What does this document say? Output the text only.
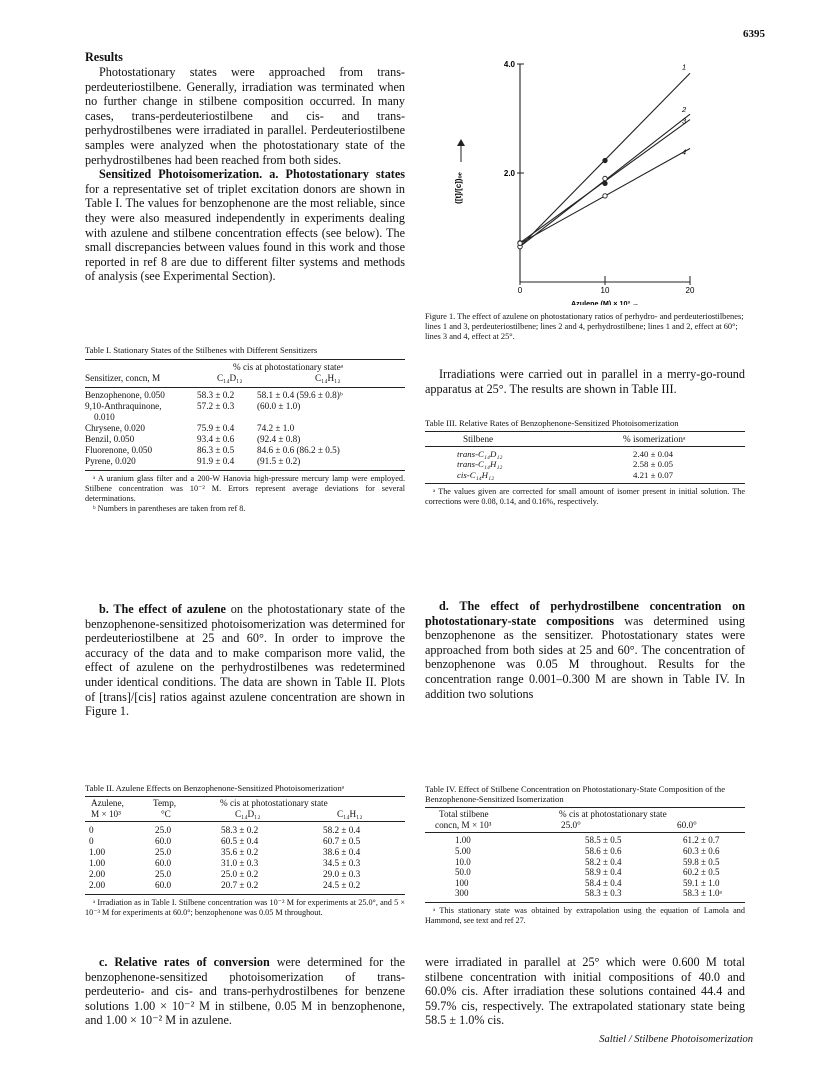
6395

Results

Photostationary states were approached from trans-perdeuteriostilbene. Generally, irradiation was terminated when no further change in stilbene composition occurred. In many cases, trans-perdeuteriostilbene and cis- and trans-perhydrostilbenes were irradiated in parallel. Perdeuteriostilbene samples were analyzed when the photostationary state of the perhydrostilbenes had been reached from both sides.

Sensitized Photoisomerization. a. Photostationary states for a representative set of triplet excitation donors are shown in Table I. The values for benzophenone are the most reliable, since they were also measured independently in experiments dealing with azulene and stilbene concentration effects (see below). The small discrepancies between values found in this work and those reported in ref 8 are due to different filter systems and methods of analysis (see Experimental Section).

Table I. Stationary States of the Stilbenes with Different Sensitizers

% cis at photostationary stateᵃ
Sensitizer, concn, M	C₁₄D₁₂	C₁₄H₁₂
Benzophenone, 0.050	58.3 ± 0.2	58.1 ± 0.4 (59.6 ± 0.8)ᵇ
9,10-Anthraquinone,	57.2 ± 0.3	(60.0 ± 1.0)
0.010
Chrysene, 0.020	75.9 ± 0.4	74.2 ± 1.0
Benzil, 0.050	93.4 ± 0.6	(92.4 ± 0.8)
Fluorenone, 0.050	86.3 ± 0.5	84.6 ± 0.6 (86.2 ± 0.5)
Pyrene, 0.020	91.9 ± 0.4	(91.5 ± 0.2)

ᵃ A uranium glass filter and a 200-W Hanovia high-pressure mercury lamp were employed. Stilbene concentration was 10⁻² M. Errors represent average deviations for several determinations.

ᵇ Numbers in parentheses are taken from ref 8.

b. The effect of azulene on the photostationary state of the benzophenone-sensitized photoisomerization was determined for perdeuteriostilbene at 25 and 60°. In order to improve the accuracy of the data and to make comparison more valid, the effect of azulene on the perhydrostilbenes was redetermined under identical conditions. The data are shown in Table II. Plots of [trans]/[cis] ratios against azulene concentration are shown in Figure 1.

Table II. Azulene Effects on Benzophenone-Sensitized Photoisomerizationᵃ

Azulene,	Temp,	% cis at photostationary state
M × 10³	°C	C₁₄D₁₂	C₁₄H₁₂
0	25.0	58.3 ± 0.2	58.2 ± 0.4
0	60.0	60.5 ± 0.4	60.7 ± 0.5
1.00	25.0	35.6 ± 0.2	38.6 ± 0.4
1.00	60.0	31.0 ± 0.3	34.5 ± 0.3
2.00	25.0	25.0 ± 0.2	29.0 ± 0.3
2.00	60.0	20.7 ± 0.2	24.5 ± 0.2

ᵃ Irradiation as in Table I. Stilbene concentration was 10⁻² M for experiments at 25.0°, and 5 × 10⁻³ M for experiments at 60.0°; benzophenone was 0.05 M throughout.

c. Relative rates of conversion were determined for the benzophenone-sensitized photoisomerization of trans-perdeuterio- and cis- and trans-perhydrostilbenes for benzene solutions 1.00 × 10⁻² M in stilbene, 0.05 M in benzophenone, and 1.00 × 10⁻² M in azulene.

4.0
2.0
0	10	20
Azulene (M) × 10³ →
([t]/[c])ₒₑ
1
2
3
4

Figure 1. The effect of azulene on photostationary ratios of perhydro- and perdeuteriostilbenes; lines 1 and 3, perdeuteriostilbene; lines 2 and 4, perhydrostilbene; lines 1 and 2, effect at 60°; lines 3 and 4, effect at 25°.

Irradiations were carried out in parallel in a merry-go-round apparatus at 25°. The results are shown in Table III.

Table III. Relative Rates of Benzophenone-Sensitized Photoisomerization

Stilbene	% isomerizationᵃ
trans-C₁₄D₁₂	2.40 ± 0.04
trans-C₁₄H₁₂	2.58 ± 0.05
cis-C₁₄H₁₂	4.21 ± 0.07

ᵃ The values given are corrected for small amount of isomer present in initial solution. The corrections were 0.08, 0.14, and 0.16%, respectively.

d. The effect of perhydrostilbene concentration on photostationary-state compositions was determined using benzophenone as the sensitizer. Photostationary states were approached from both sides at 25 and 60°. The concentration of benzophenone was 0.05 M throughout. Results for the concentration range 0.001–0.300 M are shown in Table IV. In addition two solutions

Table IV. Effect of Stilbene Concentration on Photostationary-State Composition of the Benzophenone-Sensitized Isomerization

Total stilbene	% cis at photostationary state
concn, M × 10³	25.0°	60.0°
1.00	58.5 ± 0.5	61.2 ± 0.7
5.00	58.6 ± 0.6	60.3 ± 0.6
10.0	58.2 ± 0.4	59.8 ± 0.5
50.0	58.9 ± 0.4	60.2 ± 0.5
100	58.4 ± 0.4	59.1 ± 1.0
300	58.3 ± 0.3	58.3 ± 1.0ᵃ

ᵃ This stationary state was obtained by extrapolation using the equation of Lamola and Hammond, see text and ref 27.

were irradiated in parallel at 25° which were 0.600 M total stilbene concentration with initial compositions of 40.0 and 60.0% cis. After irradiation these solutions contained 44.4 and 59.7% cis, respectively. The extrapolated stationary state being 58.5 ± 1.0% cis.

Saltiel / Stilbene Photoisomerization
